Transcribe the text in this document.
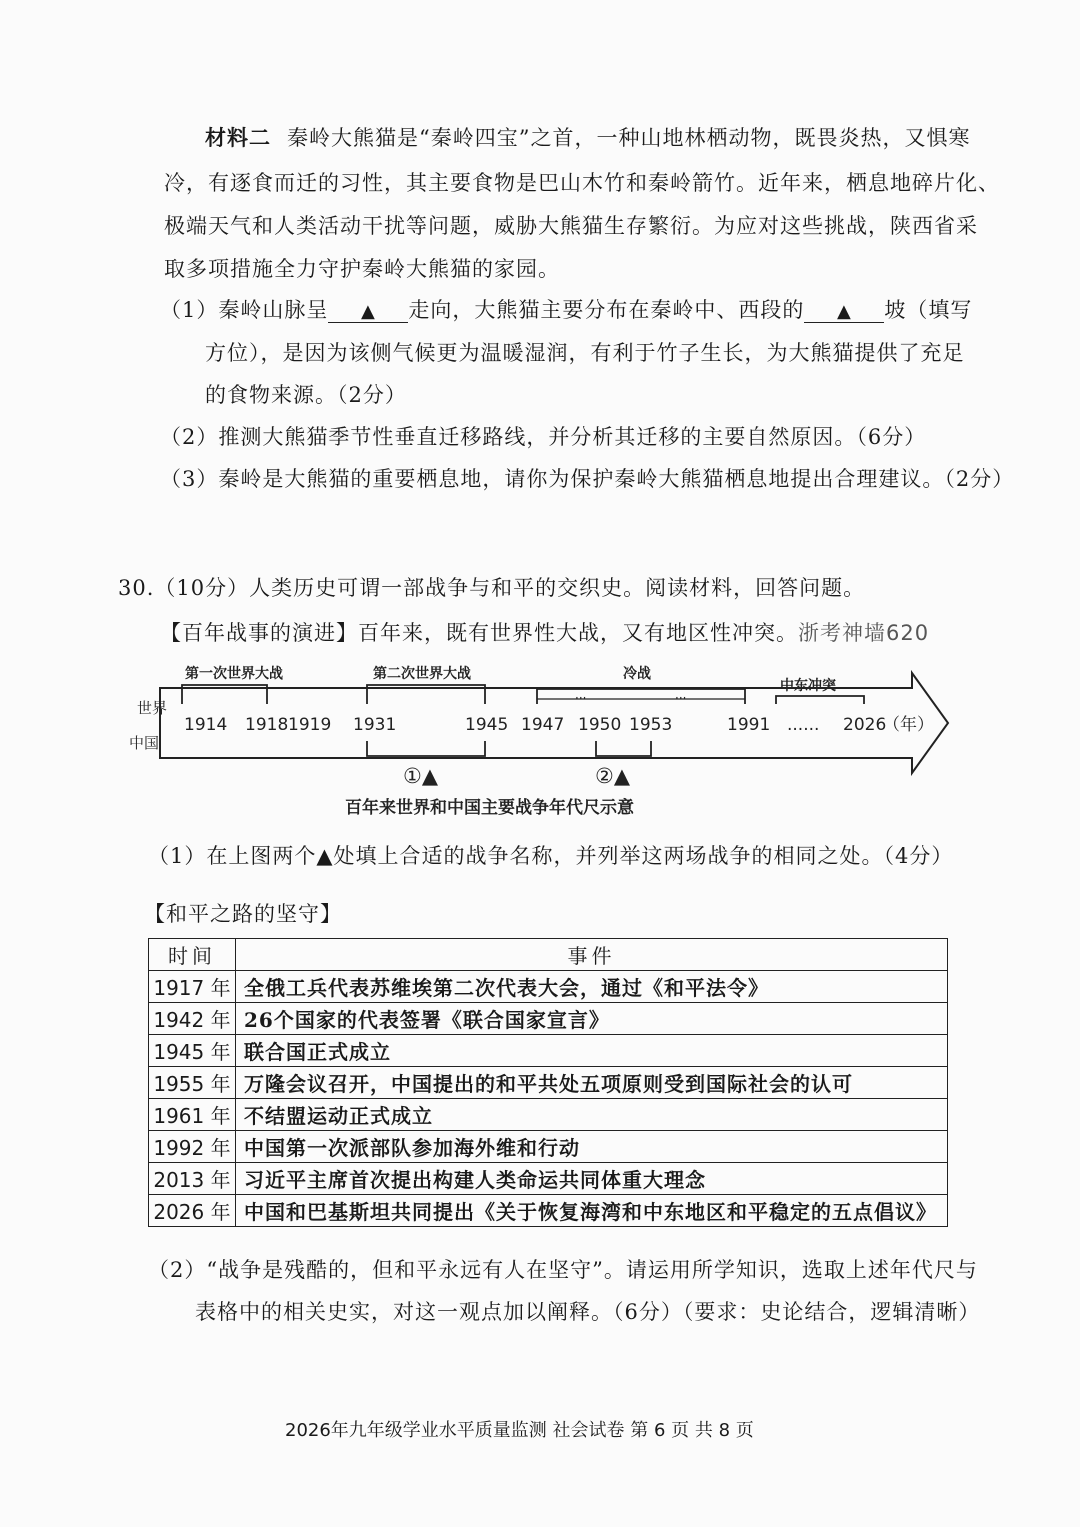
材料二 秦岭大熊猫是“秦岭四宝”之首，一种山地林栖动物，既畏炎热，又惧寒
冷，有逐食而迁的习性，其主要食物是巴山木竹和秦岭箭竹。近年来，栖息地碎片化、
极端天气和人类活动干扰等问题，威胁大熊猫生存繁衍。为应对这些挑战，陕西省采
取多项措施全力守护秦岭大熊猫的家园。
（1）秦岭山脉呈 ▲ 走向，大熊猫主要分布在秦岭中、西段的 ▲ 坡（填写
方位），是因为该侧气候更为温暖湿润，有利于竹子生长，为大熊猫提供了充足
的食物来源。（2分）
（2）推测大熊猫季节性垂直迁移路线，并分析其迁移的主要自然原因。（6分）
（3）秦岭是大熊猫的重要栖息地，请你为保护秦岭大熊猫栖息地提出合理建议。（2分）
30.（10分）人类历史可谓一部战争与和平的交织史。阅读材料，回答问题。
【百年战事的演进】百年来，既有世界性大战，又有地区性冲突。浙考神墙620
···	···
世界
中国
第一次世界大战	第二次世界大战	冷战
中东冲突
1914 1918 1919 1931	1945 1947 1950 1953	1991 ...... 2026
（年）
①▲	②▲
百年来世界和中国主要战争年代尺示意
（1）在上图两个▲处填上合适的战争名称，并列举这两场战争的相同之处。（4分）
【和平之路的坚守】
时间	事件
1917 年	全俄工兵代表苏维埃第二次代表大会，通过《和平法令》
1942 年	26个国家的代表签署《联合国家宣言》
1945 年	联合国正式成立
1955 年	万隆会议召开，中国提出的和平共处五项原则受到国际社会的认可
1961 年	不结盟运动正式成立
1992 年	中国第一次派部队参加海外维和行动
2013 年	习近平主席首次提出构建人类命运共同体重大理念
2026 年	中国和巴基斯坦共同提出《关于恢复海湾和中东地区和平稳定的五点倡议》
（2）“战争是残酷的，但和平永远有人在坚守”。请运用所学知识，选取上述年代尺与
表格中的相关史实，对这一观点加以阐释。（6分）（要求：史论结合，逻辑清晰）
2026年九年级学业水平质量监测 社会试卷 第 6 页 共 8 页
